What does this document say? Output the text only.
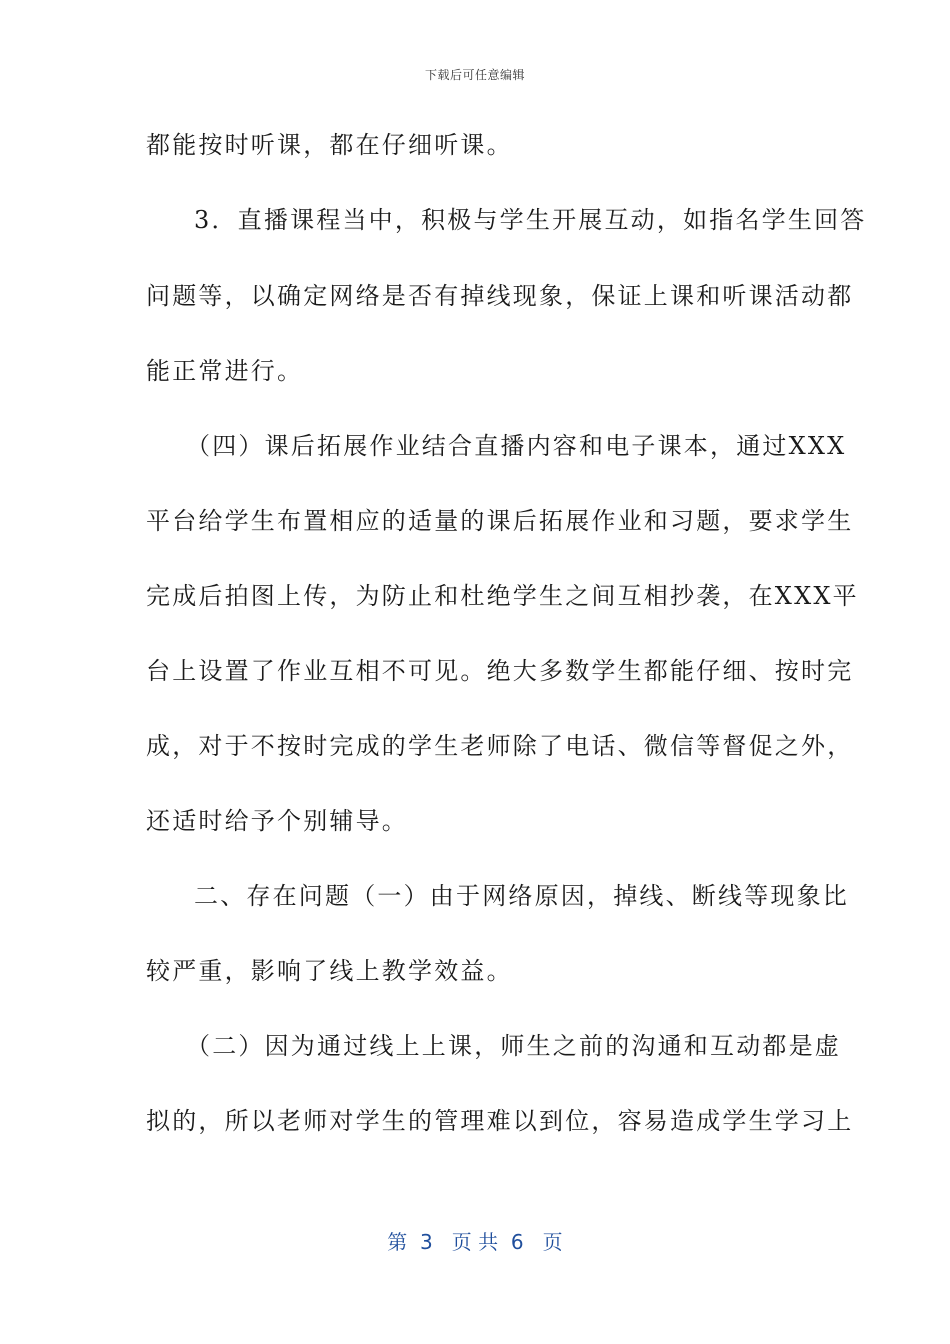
下载后可任意编辑
都能按时听课，都在仔细听课。
3．直播课程当中，积极与学生开展互动，如指名学生回答
问题等，以确定网络是否有掉线现象，保证上课和听课活动都
能正常进行。
（四）课后拓展作业结合直播内容和电子课本，通过XXX
平台给学生布置相应的适量的课后拓展作业和习题，要求学生
完成后拍图上传，为防止和杜绝学生之间互相抄袭，在XXX平
台上设置了作业互相不可见。绝大多数学生都能仔细、按时完
成，对于不按时完成的学生老师除了电话、微信等督促之外，
还适时给予个别辅导。
二、存在问题（一）由于网络原因，掉线、断线等现象比
较严重，影响了线上教学效益。
（二）因为通过线上上课，师生之前的沟通和互动都是虚
拟的，所以老师对学生的管理难以到位，容易造成学生学习上
第  3   页 共  6   页
